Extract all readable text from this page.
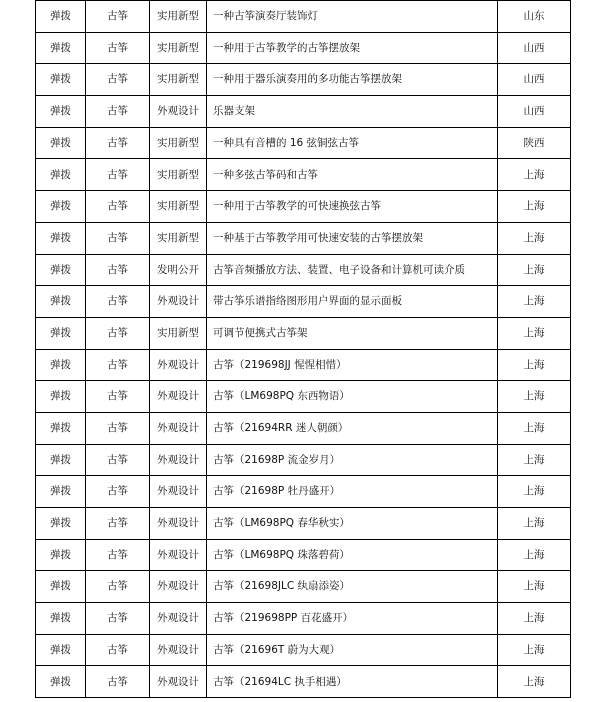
弹拨	古筝	实用新型	一种古筝演奏厅装饰灯	山东
弹拨	古筝	实用新型	一种用于古筝教学的古筝摆放架	山西
弹拨	古筝	实用新型	一种用于器乐演奏用的多功能古筝摆放架	山西
弹拨	古筝	外观设计	乐器支架	山西
弹拨	古筝	实用新型	一种具有音槽的 16 弦铜弦古筝	陕西
弹拨	古筝	实用新型	一种多弦古筝码和古筝	上海
弹拨	古筝	实用新型	一种用于古筝教学的可快速换弦古筝	上海
弹拨	古筝	实用新型	一种基于古筝教学用可快速安装的古筝摆放架	上海
弹拨	古筝	发明公开	古筝音频播放方法、装置、电子设备和计算机可读介质	上海
弹拨	古筝	外观设计	带古筝乐谱指络图形用户界面的显示面板	上海
弹拨	古筝	实用新型	可调节便携式古筝架	上海
弹拨	古筝	外观设计	古筝（219698JJ 惺惺相惜）	上海
弹拨	古筝	外观设计	古筝（LM698PQ 东西物语）	上海
弹拨	古筝	外观设计	古筝（21694RR 迷人朝颜）	上海
弹拨	古筝	外观设计	古筝（21698P 流金岁月）	上海
弹拨	古筝	外观设计	古筝（21698P 牡丹盛开）	上海
弹拨	古筝	外观设计	古筝（LM698PQ 春华秋实）	上海
弹拨	古筝	外观设计	古筝（LM698PQ 珠落碧荷）	上海
弹拨	古筝	外观设计	古筝（21698JLC 纨扇添姿）	上海
弹拨	古筝	外观设计	古筝（219698PP 百花盛开）	上海
弹拨	古筝	外观设计	古筝（21696T 蔚为大观）	上海
弹拨	古筝	外观设计	古筝（21694LC 执手相遇）	上海
